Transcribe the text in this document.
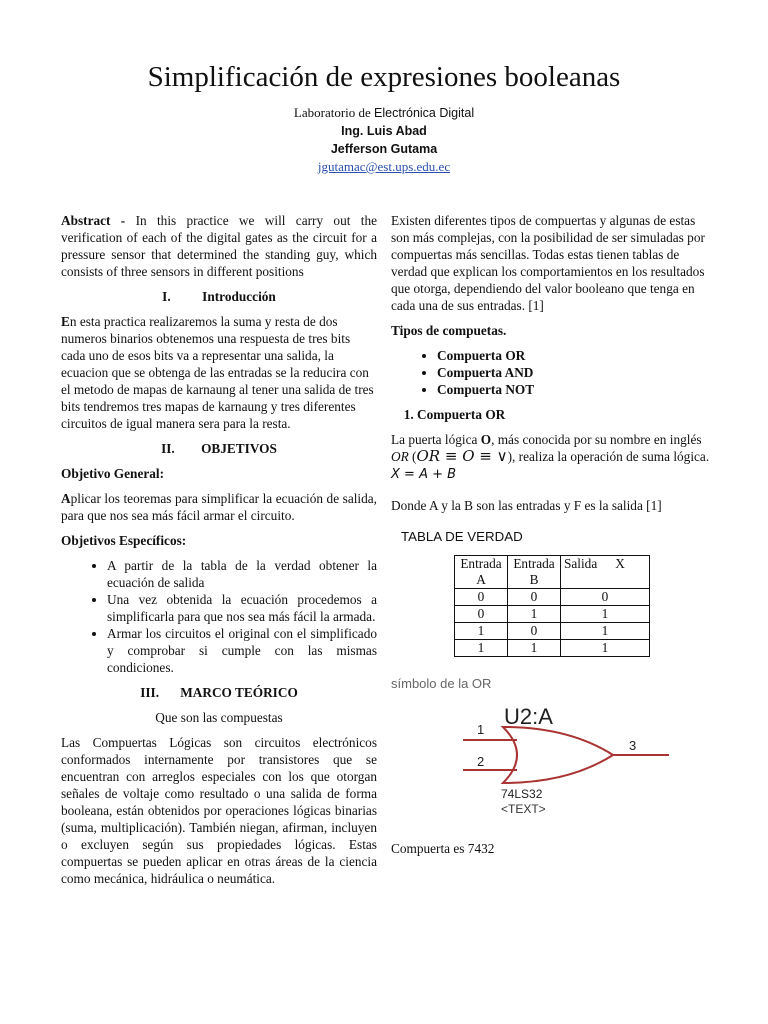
Simplificación de expresiones booleanas
Laboratorio de Electrónica Digital
Ing. Luis Abad
Jefferson Gutama
jgutamac@est.ups.edu.ec

Abstract - In this practice we will carry out the verification of each of the digital gates as the circuit for a pressure sensor that determined the standing guy, which consists of three sensors in different positions

I. Introducción

En esta practica realizaremos la suma y resta de dos numeros binarios obtenemos una respuesta de tres bits cada uno de esos bits va a representar una salida, la ecuacion que se obtenga de las entradas se la reducira con el metodo de mapas de karnaung al tener una salida de tres bits tendremos tres mapas de karnaung y tres diferentes circuitos de igual manera sera para la resta.

II. OBJETIVOS
Objetivo General:

Aplicar los teoremas para simplificar la ecuación de salida, para que nos sea más fácil armar el circuito.

Objetivos Específicos:
• A partir de la tabla de la verdad obtener la ecuación de salida
• Una vez obtenida la ecuación procedemos a simplificarla para que nos sea más fácil la armada.
• Armar los circuitos el original con el simplificado y comprobar si cumple con las mismas condiciones.
III. MARCO TEÓRICO

Que son las compuestas

Las Compuertas Lógicas son circuitos electrónicos conformados internamente por transistores que se encuentran con arreglos especiales con los que otorgan señales de voltaje como resultado o una salida de forma booleana, están obtenidos por operaciones lógicas binarias (suma, multiplicación). También niegan, afirman, incluyen o excluyen según sus propiedades lógicas. Estas compuertas se pueden aplicar en otras áreas de la ciencia como mecánica, hidráulica o neumática.

Existen diferentes tipos de compuertas y algunas de estas son más complejas, con la posibilidad de ser simuladas por compuertas más sencillas. Todas estas tienen tablas de verdad que explican los comportamientos en los resultados que otorga, dependiendo del valor booleano que tenga en cada una de sus entradas. [1]

Tipos de compuetas.
• Compuerta OR
• Compuerta AND
• Compuerta NOT
1. Compuerta OR

La puerta lógica O, más conocida por su nombre en inglés OR (OR ≡ O ≡ ∨), realiza la operación de suma lógica.
X = A + B

Donde A y la B son las entradas y F es la salida [1]

TABLA DE VERDAD
Entrada A	Entrada B	Salida X
0	0	0
0	1	1
1	0	1
1	1	1
símbolo de la OR
U2:A
1
2
3
74LS32
<TEXT>

Compuerta es 7432
